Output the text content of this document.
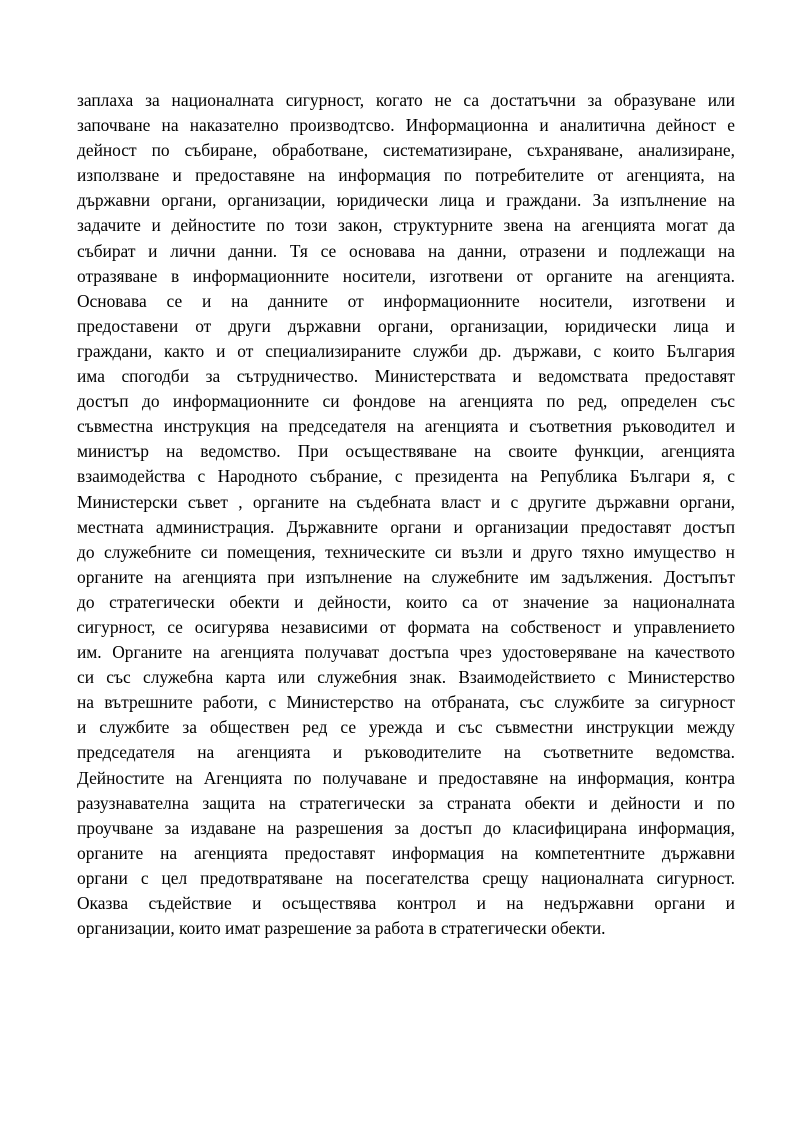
заплаха за националната сигурност, когато не са достатъчни за образуване или
започване на наказателно производтсво. Информационна и аналитична дейност е
дейност по събиране, обработване, систематизиране, съхраняване, анализиране,
използване и предоставяне на информация по потребителите от агенцията, на
държавни органи, организации, юридически лица и граждани. За изпълнение на
задачите и дейностите по този закон, структурните звена на агенцията могат да
събират и лични данни. Тя се основава на данни, отразени и подлежащи на
отразяване в информационните носители, изготвени от органите на агенцията.
Основава се и на данните от информационните носители, изготвени и
предоставени от други държавни органи, организации, юридически лица и
граждани, както и от специализираните служби др. държави, с които България
има спогодби за сътрудничество. Министерствата и ведомствата предоставят
достъп до информационните си фондове на агенцията по ред, определен със
съвместна инструкция на председателя на агенцията и съответния ръководител и
министър на ведомство. При осъществяване на своите функции, агенцията
взаимодейства с Народното събрание, с президента на Република Българи я, с
Министерски съвет , органите на съдебната власт и с другите държавни органи,
местната администрация. Държавните органи и организации предоставят достъп
до служебните си помещения, техническите си възли и друго тяхно имущество н
органите на агенцията при изпълнение на служебните им задължения. Достъпът
до стратегически обекти и дейности, които са от значение за националната
сигурност, се осигурява независими от формата на собственост и управлението
им. Органите на агенцията получават достъпа чрез удостоверяване на качеството
си със служебна карта или служебния знак. Взаимодействието с Министерство
на вътрешните работи, с Министерство на отбраната, със службите за сигурност
и службите за обществен ред се урежда и със съвместни инструкции между
председателя на агенцията и ръководителите на съответните ведомства.
Дейностите на Агенцията по получаване и предоставяне на информация, контра
разузнавателна защита на стратегически за страната обекти и дейности и по
проучване за издаване на разрешения за достъп до класифицирана информация,
органите на агенцията предоставят информация на компетентните държавни
органи с цел предотвратяване на посегателства срещу националната сигурност.
Оказва съдействие и осъществява контрол и на недържавни органи и
организации, които имат разрешение за работа в стратегически обекти.
